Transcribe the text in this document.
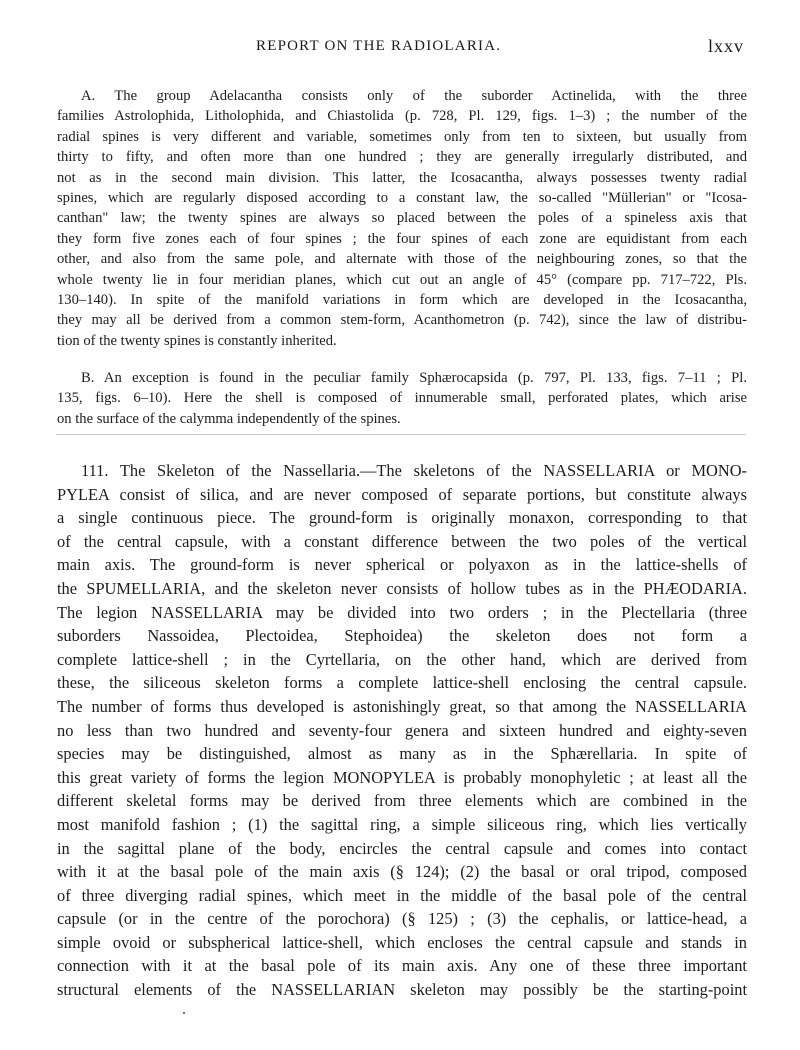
REPORT ON THE RADIOLARIA.	lxxv
A. The group Adelacantha consists only of the suborder Actinelida, with the three
families Astrolophida, Litholophida, and Chiastolida (p. 728, Pl. 129, figs. 1–3) ; the number of the
radial spines is very different and variable, sometimes only from ten to sixteen, but usually from
thirty to fifty, and often more than one hundred ; they are generally irregularly distributed, and
not as in the second main division. This latter, the Icosacantha, always possesses twenty radial
spines, which are regularly disposed according to a constant law, the so-called "Müllerian" or "Icosa-
canthan" law; the twenty spines are always so placed between the poles of a spineless axis that
they form five zones each of four spines ; the four spines of each zone are equidistant from each
other, and also from the same pole, and alternate with those of the neighbouring zones, so that the
whole twenty lie in four meridian planes, which cut out an angle of 45° (compare pp. 717–722, Pls.
130–140). In spite of the manifold variations in form which are developed in the Icosacantha,
they may all be derived from a common stem-form, Acanthometron (p. 742), since the law of distribu-
tion of the twenty spines is constantly inherited.
B. An exception is found in the peculiar family Sphærocapsida (p. 797, Pl. 133, figs. 7–11 ; Pl.
135, figs. 6–10). Here the shell is composed of innumerable small, perforated plates, which arise
on the surface of the calymma independently of the spines.
111. The Skeleton of the Nassellaria.—The skeletons of the NASSELLARIA or MONO-
PYLEA consist of silica, and are never composed of separate portions, but constitute always
a single continuous piece. The ground-form is originally monaxon, corresponding to that
of the central capsule, with a constant difference between the two poles of the vertical
main axis. The ground-form is never spherical or polyaxon as in the lattice-shells of
the SPUMELLARIA, and the skeleton never consists of hollow tubes as in the PHÆODARIA.
The legion NASSELLARIA may be divided into two orders ; in the Plectellaria (three
suborders Nassoidea, Plectoidea, Stephoidea) the skeleton does not form a
complete lattice-shell ; in the Cyrtellaria, on the other hand, which are derived from
these, the siliceous skeleton forms a complete lattice-shell enclosing the central capsule.
The number of forms thus developed is astonishingly great, so that among the NASSELLARIA
no less than two hundred and seventy-four genera and sixteen hundred and eighty-seven
species may be distinguished, almost as many as in the Sphærellaria. In spite of
this great variety of forms the legion MONOPYLEA is probably monophyletic ; at least all the
different skeletal forms may be derived from three elements which are combined in the
most manifold fashion ; (1) the sagittal ring, a simple siliceous ring, which lies vertically
in the sagittal plane of the body, encircles the central capsule and comes into contact
with it at the basal pole of the main axis (§ 124); (2) the basal or oral tripod, composed
of three diverging radial spines, which meet in the middle of the basal pole of the central
capsule (or in the centre of the porochora) (§ 125) ; (3) the cephalis, or lattice-head, a
simple ovoid or subspherical lattice-shell, which encloses the central capsule and stands in
connection with it at the basal pole of its main axis. Any one of these three important
structural elements of the NASSELLARIAN skeleton may possibly be the starting-point
